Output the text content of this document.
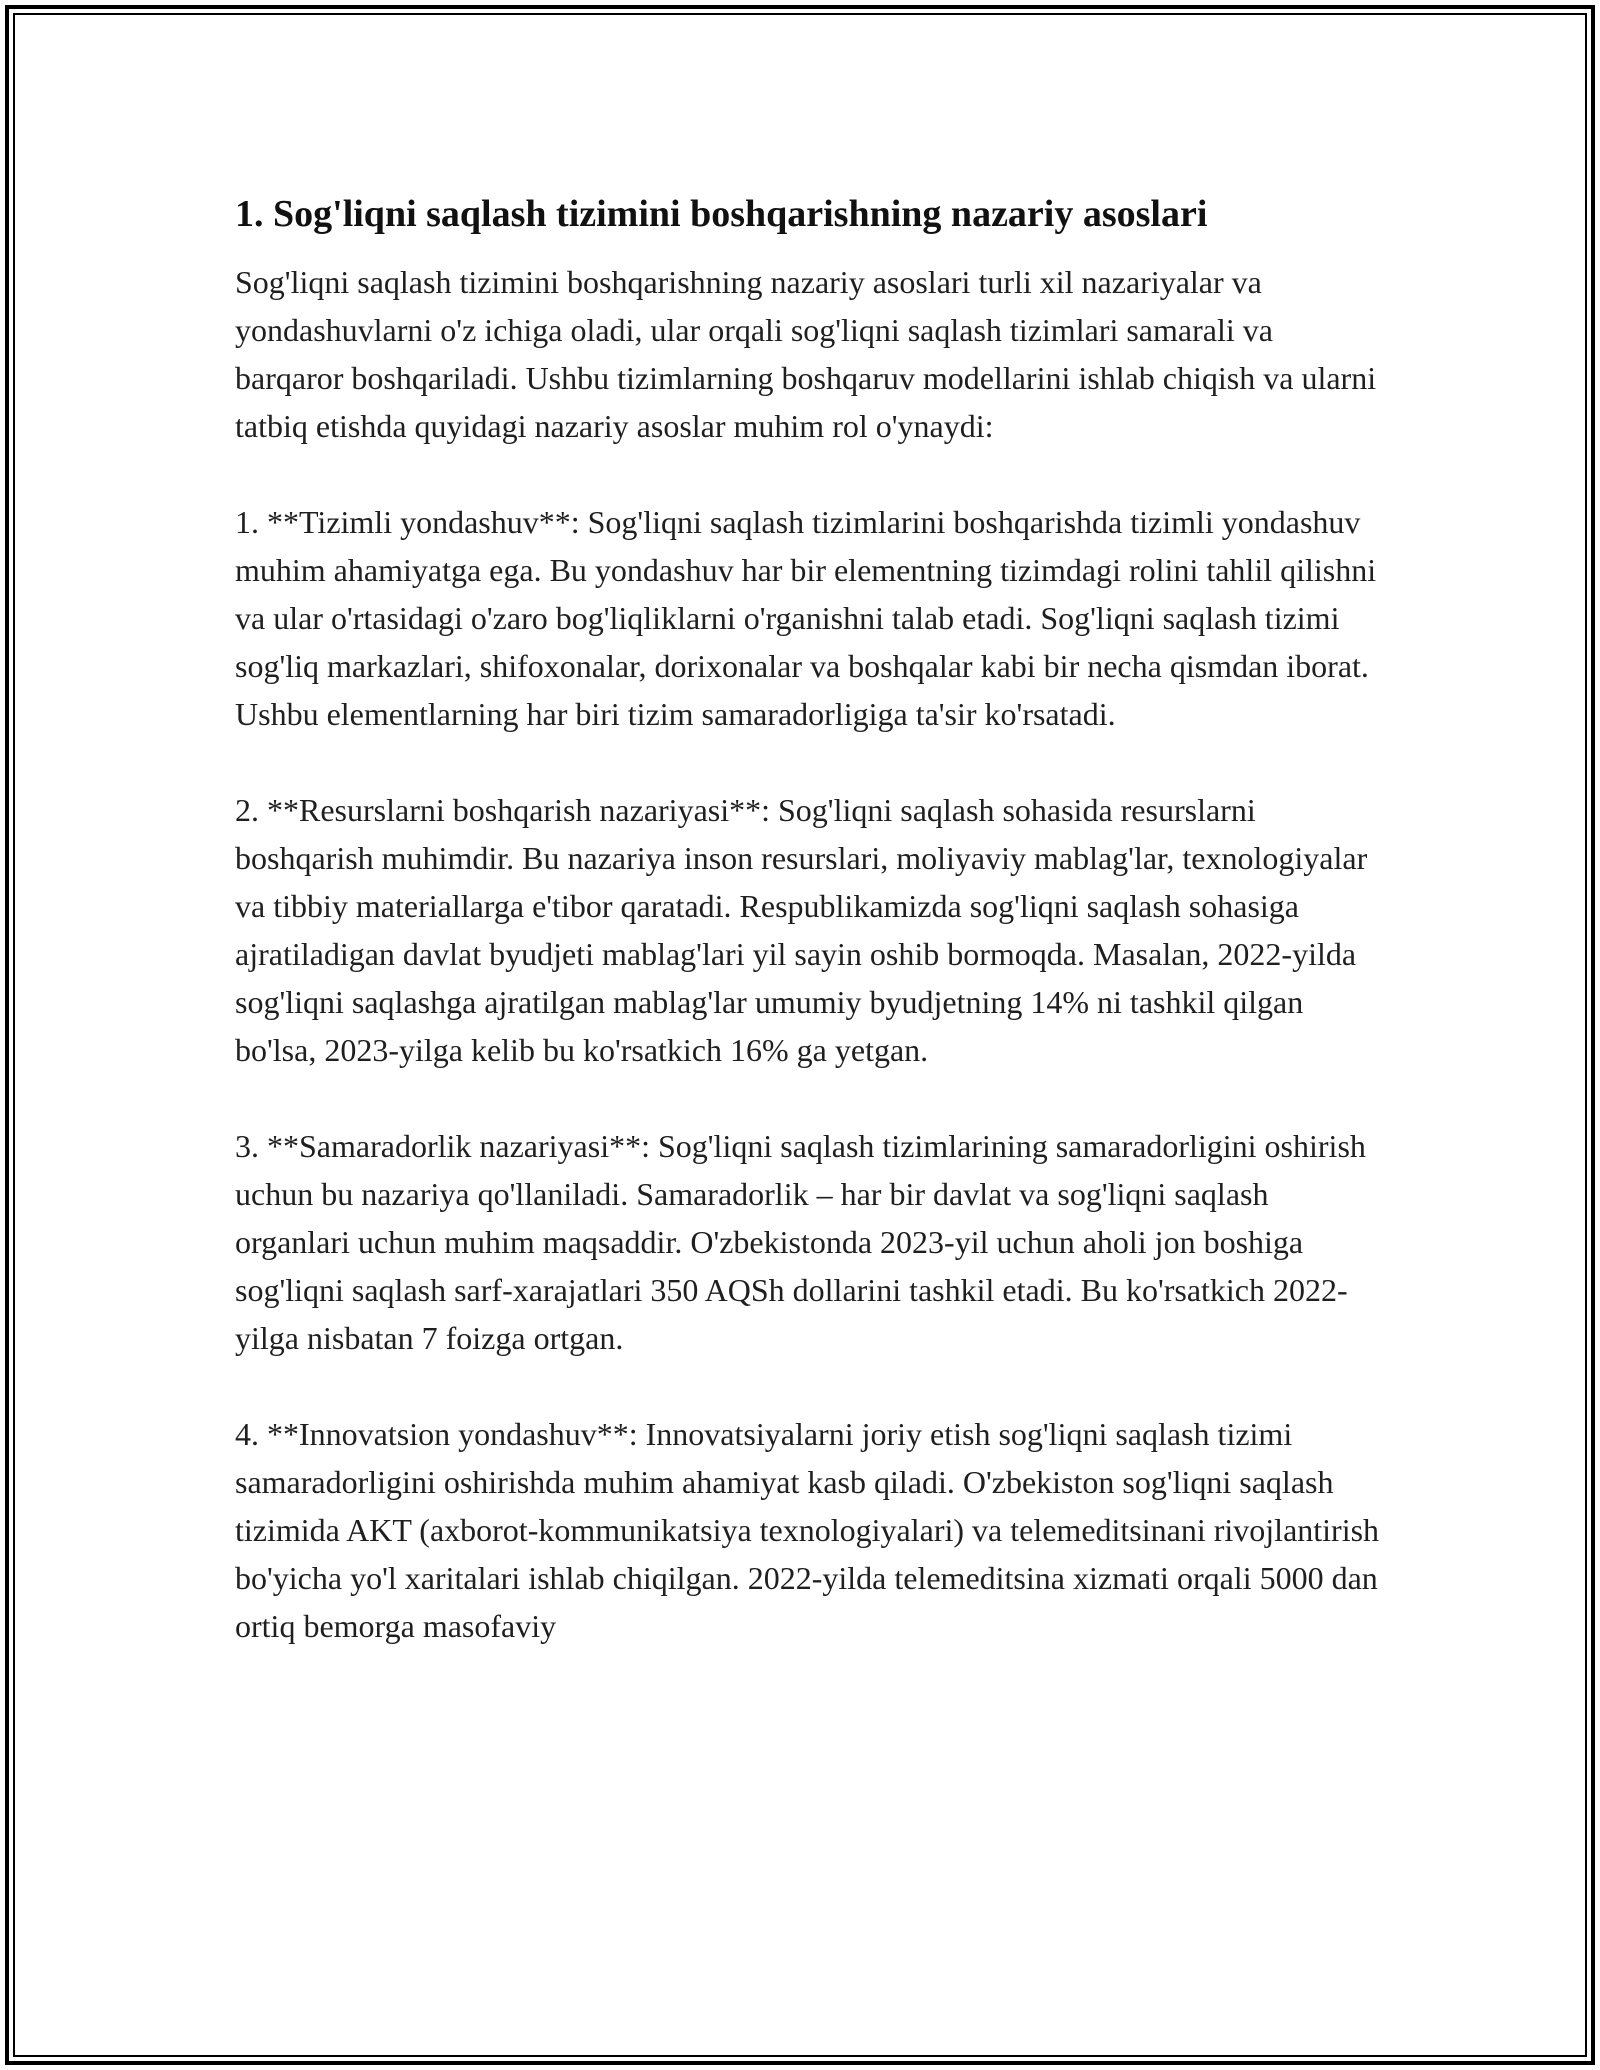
1. Sog'liqni saqlash tizimini boshqarishning nazariy asoslari

Sog'liqni saqlash tizimini boshqarishning nazariy asoslari turli xil nazariyalar va yondashuvlarni o'z ichiga oladi, ular orqali sog'liqni saqlash tizimlari samarali va barqaror boshqariladi. Ushbu tizimlarning boshqaruv modellarini ishlab chiqish va ularni tatbiq etishda quyidagi nazariy asoslar muhim rol o'ynaydi:

1. **Tizimli yondashuv**: Sog'liqni saqlash tizimlarini boshqarishda tizimli yondashuv muhim ahamiyatga ega. Bu yondashuv har bir elementning tizimdagi rolini tahlil qilishni va ular o'rtasidagi o'zaro bog'liqliklarni o'rganishni talab etadi. Sog'liqni saqlash tizimi sog'liq markazlari, shifoxonalar, dorixonalar va boshqalar kabi bir necha qismdan iborat. Ushbu elementlarning har biri tizim samaradorligiga ta'sir ko'rsatadi.

2. **Resurslarni boshqarish nazariyasi**: Sog'liqni saqlash sohasida resurslarni boshqarish muhimdir. Bu nazariya inson resurslari, moliyaviy mablag'lar, texnologiyalar va tibbiy materiallarga e'tibor qaratadi. Respublikamizda sog'liqni saqlash sohasiga ajratiladigan davlat byudjeti mablag'lari yil sayin oshib bormoqda. Masalan, 2022-yilda sog'liqni saqlashga ajratilgan mablag'lar umumiy byudjetning 14% ni tashkil qilgan bo'lsa, 2023-yilga kelib bu ko'rsatkich 16% ga yetgan.

3. **Samaradorlik nazariyasi**: Sog'liqni saqlash tizimlarining samaradorligini oshirish uchun bu nazariya qo'llaniladi. Samaradorlik – har bir davlat va sog'liqni saqlash organlari uchun muhim maqsaddir. O'zbekistonda 2023-yil uchun aholi jon boshiga sog'liqni saqlash sarf-xarajatlari 350 AQSh dollarini tashkil etadi. Bu ko'rsatkich 2022-yilga nisbatan 7 foizga ortgan.

4. **Innovatsion yondashuv**: Innovatsiyalarni joriy etish sog'liqni saqlash tizimi samaradorligini oshirishda muhim ahamiyat kasb qiladi. O'zbekiston sog'liqni saqlash tizimida AKT (axborot-kommunikatsiya texnologiyalari) va telemeditsinani rivojlantirish bo'yicha yo'l xaritalari ishlab chiqilgan. 2022-yilda telemeditsina xizmati orqali 5000 dan ortiq bemorga masofaviy
